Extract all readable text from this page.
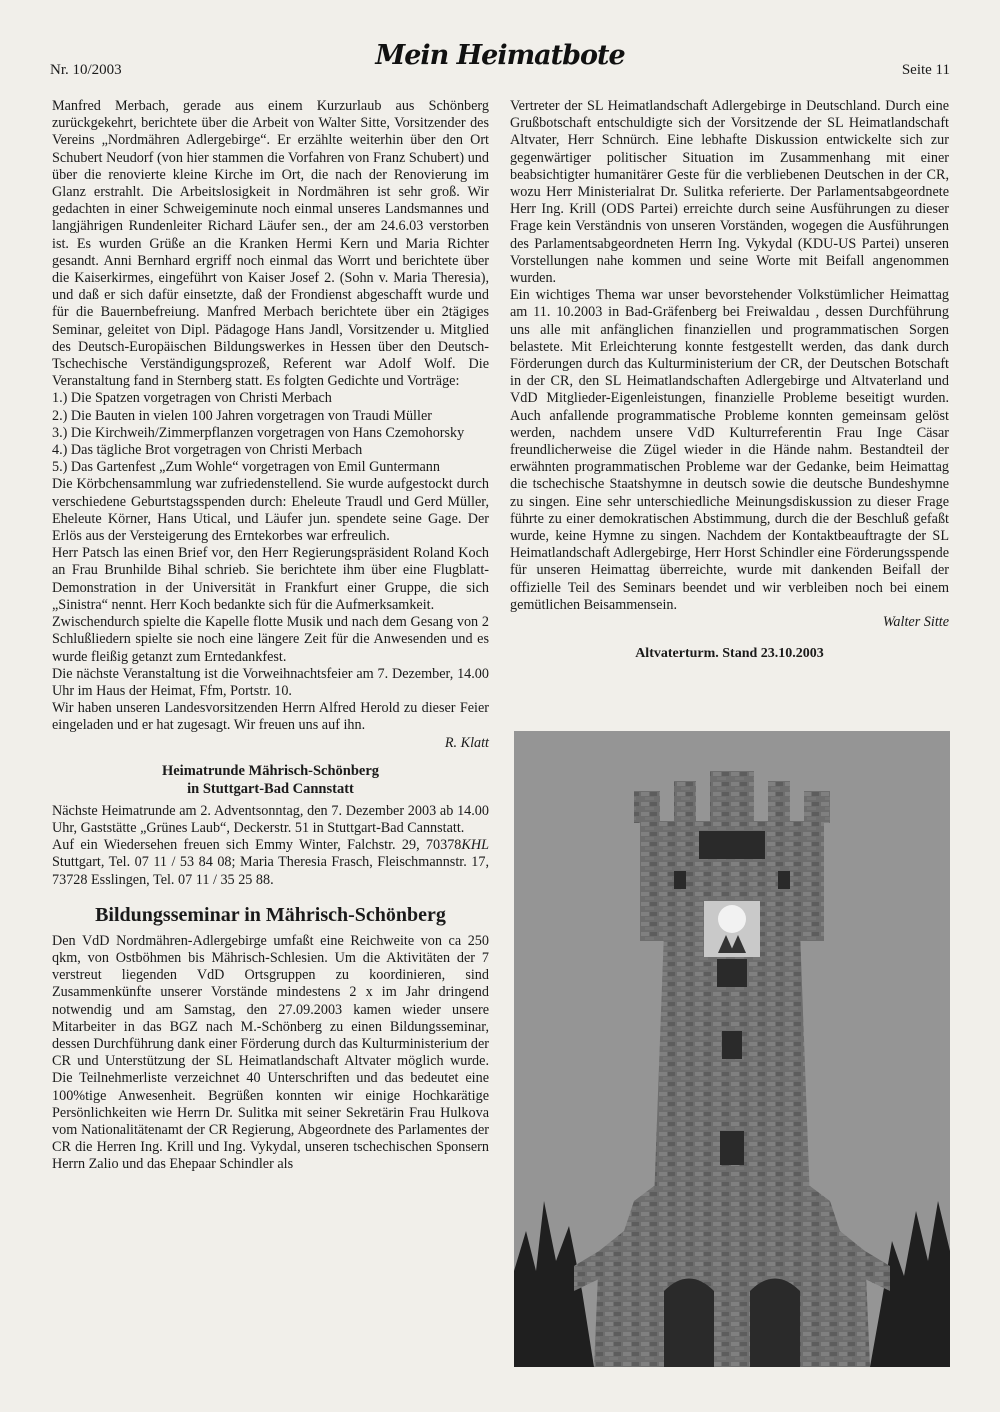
Nr. 10/2003	Mein Heimatbote	Seite 11

Manfred Merbach, gerade aus einem Kurzurlaub aus Schönberg zurückgekehrt, berichtete über die Arbeit von Walter Sitte, Vorsitzender des Vereins „Nordmähren Adlergebirge“. Er erzählte weiterhin über den Ort Schubert Neudorf (von hier stammen die Vorfahren von Franz Schubert) und über die renovierte kleine Kirche im Ort, die nach der Renovierung im Glanz erstrahlt. Die Arbeitslosigkeit in Nordmähren ist sehr groß. Wir gedachten in einer Schweigeminute noch einmal unseres Landsmannes und langjährigen Rundenleiter Richard Läufer sen., der am 24.6.03 verstorben ist. Es wurden Grüße an die Kranken Hermi Kern und Maria Richter gesandt. Anni Bernhard ergriff noch einmal das Worrt und berichtete über die Kaiserkirmes, eingeführt von Kaiser Josef 2. (Sohn v. Maria Theresia), und daß er sich dafür einsetzte, daß der Frondienst abgeschafft wurde und für die Bauernbefreiung. Manfred Merbach berichtete über ein 2tägiges Seminar, geleitet von Dipl. Pädagoge Hans Jandl, Vorsitzender u. Mitglied des Deutsch-Europäischen Bildungswerkes in Hessen über den Deutsch- Tschechische Verständigungsprozeß, Referent war Adolf Wolf. Die Veranstaltung fand in Sternberg statt. Es folgten Gedichte und Vorträge:

1.) Die Spatzen vorgetragen von Christi Merbach

2.) Die Bauten in vielen 100 Jahren vorgetragen von Traudi Müller

3.) Die Kirchweih/Zimmerpflanzen vorgetragen von Hans Czemohorsky

4.) Das tägliche Brot vorgetragen von Christi Merbach

5.) Das Gartenfest „Zum Wohle“ vorgetragen von Emil Guntermann

Die Körbchensammlung war zufriedenstellend. Sie wurde aufgestockt durch verschiedene Geburtstagsspenden durch: Eheleute Traudl und Gerd Müller, Eheleute Körner, Hans Utical, und Läufer jun. spendete seine Gage. Der Erlös aus der Versteigerung des Erntekorbes war erfreulich.

Herr Patsch las einen Brief vor, den Herr Regierungspräsident Roland Koch an Frau Brunhilde Bihal schrieb. Sie berichtete ihm über eine Flugblatt-Demonstration in der Universität in Frankfurt einer Gruppe, die sich „Sinistra“ nennt. Herr Koch bedankte sich für die Aufmerksamkeit.

Zwischendurch spielte die Kapelle flotte Musik und nach dem Gesang von 2 Schlußliedern spielte sie noch eine längere Zeit für die Anwesenden und es wurde fleißig getanzt zum Erntedankfest.

Die nächste Veranstaltung ist die Vorweihnachtsfeier am 7. Dezember, 14.00 Uhr im Haus der Heimat, Ffm, Portstr. 10.

Wir haben unseren Landesvorsitzenden Herrn Alfred Herold zu dieser Feier eingeladen und er hat zugesagt. Wir freuen uns auf ihn.

R. Klatt
Heimatrunde Mährisch-Schönberg
in Stuttgart-Bad Cannstatt

Nächste Heimatrunde am 2. Adventsonntag, den 7. Dezember 2003 ab 14.00 Uhr, Gaststätte „Grünes Laub“, Deckerstr. 51 in Stuttgart-Bad Cannstatt.

KHL
Auf ein Wiedersehen freuen sich Emmy Winter, Falchstr. 29, 70378 Stuttgart, Tel. 07 11 / 53 84 08; Maria Theresia Frasch, Fleischmannstr. 17, 73728 Esslingen, Tel. 07 11 / 35 25 88.

Bildungsseminar in Mährisch-Schönberg

Den VdD Nordmähren-Adlergebirge umfaßt eine Reichweite von ca 250 qkm, von Ostböhmen bis Mährisch-Schlesien. Um die Aktivitäten der 7 verstreut liegenden VdD Ortsgruppen zu koordinieren, sind Zusammenkünfte unserer Vorstände mindestens 2 x im Jahr dringend notwendig und am Samstag, den 27.09.2003 kamen wieder unsere Mitarbeiter in das BGZ nach M.-Schönberg zu einen Bildungsseminar, dessen Durchführung dank einer Förderung durch das Kulturministerium der CR und Unterstützung der SL Heimatlandschaft Altvater möglich wurde. Die Teilnehmerliste verzeichnet 40 Unterschriften und das bedeutet eine 100%tige Anwesenheit. Begrüßen konnten wir einige Hochkarätige Persönlichkeiten wie Herrn Dr. Sulitka mit seiner Sekretärin Frau Hulkova vom Nationalitätenamt der CR Regierung, Abgeordnete des Parlamentes der CR die Herren Ing. Krill und Ing. Vykydal, unseren tschechischen Sponsern Herrn Zalio und das Ehepaar Schindler als

Vertreter der SL Heimatlandschaft Adlergebirge in Deutschland. Durch eine Grußbotschaft entschuldigte sich der Vorsitzende der SL Heimatlandschaft Altvater, Herr Schnürch. Eine lebhafte Diskussion entwickelte sich zur gegenwärtiger politischer Situation im Zusammenhang mit einer beabsichtigter humanitärer Geste für die verbliebenen Deutschen in der CR, wozu Herr Ministerialrat Dr. Sulitka referierte. Der Parlamentsabgeordnete Herr Ing. Krill (ODS Partei) erreichte durch seine Ausführungen zu dieser Frage kein Verständnis von unseren Vorständen, wogegen die Ausführungen des Parlamentsabgeordneten Herrn Ing. Vykydal (KDU-US Partei) unseren Vorstellungen nahe kommen und seine Worte mit Beifall angenommen wurden.

Ein wichtiges Thema war unser bevorstehender Volkstümlicher Heimattag am 11. 10.2003 in Bad-Gräfenberg bei Freiwaldau , dessen Durchführung uns alle mit anfänglichen finanziellen und programmatischen Sorgen belastete. Mit Erleichterung konnte festgestellt werden, das dank durch Förderungen durch das Kulturministerium der CR, der Deutschen Botschaft in der CR, den SL Heimatlandschaften Adlergebirge und Altvaterland und VdD Mitglieder-Eigenleistungen, finanzielle Probleme beseitigt wurden. Auch anfallende programmatische Probleme konnten gemeinsam gelöst werden, nachdem unsere VdD Kulturreferentin Frau Inge Cäsar freundlicherweise die Zügel wieder in die Hände nahm. Bestandteil der erwähnten programmatischen Probleme war der Gedanke, beim Heimattag die tschechische Staatshymne in deutsch sowie die deutsche Bundeshymne zu singen. Eine sehr unterschiedliche Meinungsdiskussion zu dieser Frage führte zu einer demokratischen Abstimmung, durch die der Beschluß gefaßt wurde, keine Hymne zu singen. Nachdem der Kontaktbeauftragte der SL Heimatlandschaft Adlergebirge, Herr Horst Schindler eine Förderungsspende für unseren Heimattag überreichte, wurde mit dankenden Beifall der offizielle Teil des Seminars beendet und wir verbleiben noch bei einem gemütlichen Beisammensein.

Walter Sitte
Altvaterturm. Stand 23.10.2003
